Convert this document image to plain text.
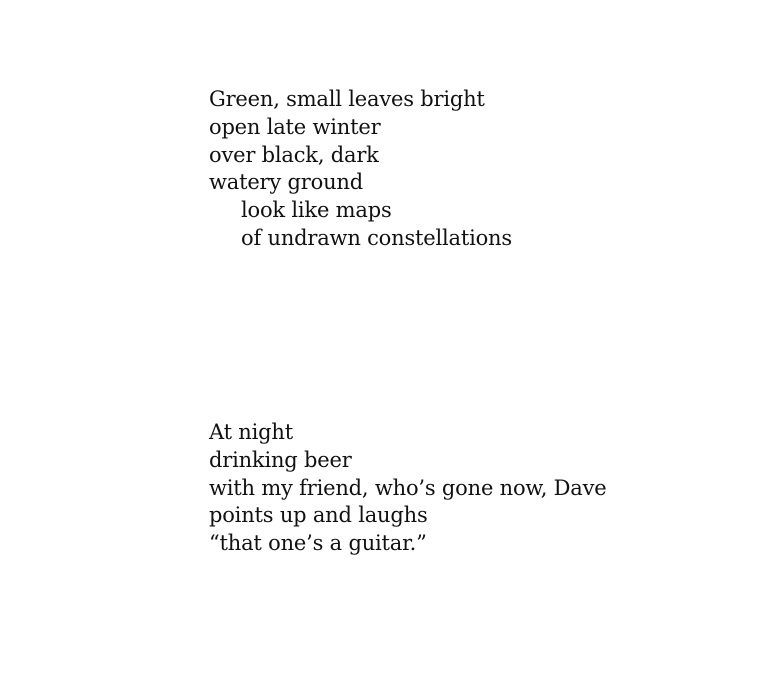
Green, small leaves bright
open late winter
over black, dark
watery ground
look like maps
of undrawn constellations
At night
drinking beer
with my friend, who’s gone now, Dave
points up and laughs
“that one’s a guitar.”
